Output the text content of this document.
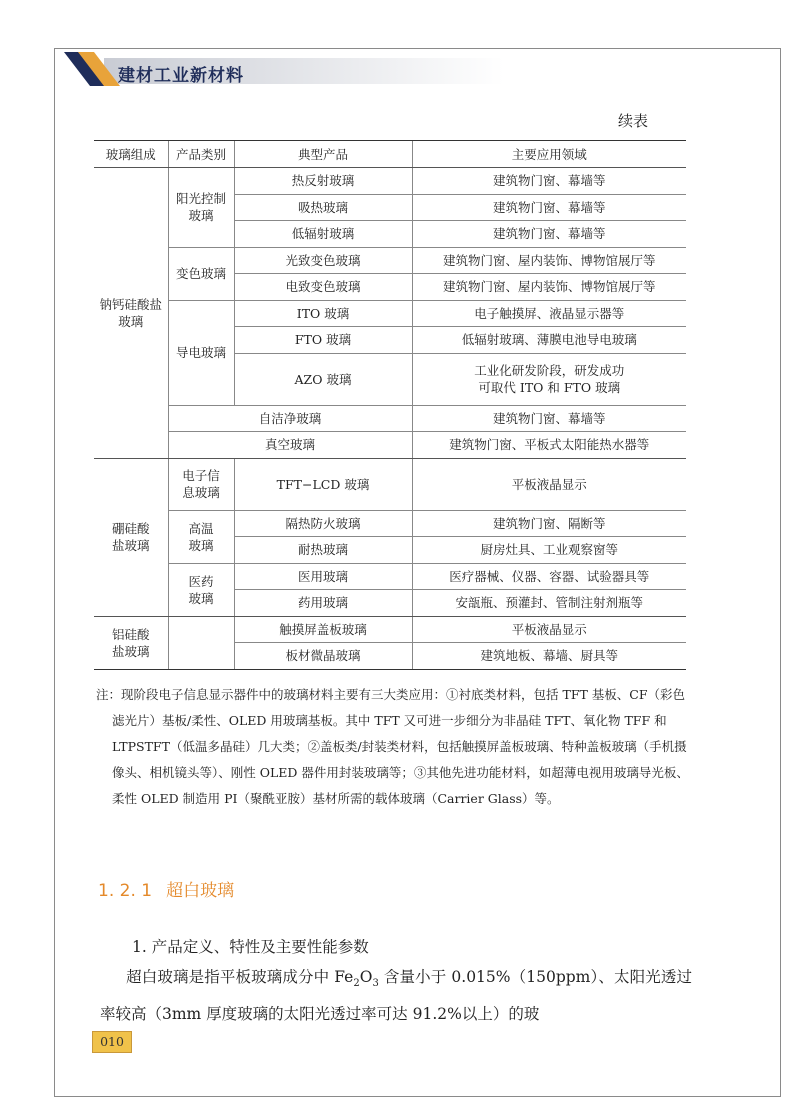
建材工业新材料
续表
玻璃组成	产品类别	典型产品	主要应用领域
钠钙硅酸盐玻璃	阳光控制玻璃	热反射玻璃	建筑物门窗、幕墙等
		吸热玻璃	建筑物门窗、幕墙等
		低辐射玻璃	建筑物门窗、幕墙等
	变色玻璃	光致变色玻璃	建筑物门窗、屋内装饰、博物馆展厅等
		电致变色玻璃	建筑物门窗、屋内装饰、博物馆展厅等
	导电玻璃	ITO 玻璃	电子触摸屏、液晶显示器等
		FTO 玻璃	低辐射玻璃、薄膜电池导电玻璃
		AZO 玻璃	工业化研发阶段，研发成功可取代 ITO 和 FTO 玻璃
	自洁净玻璃		建筑物门窗、幕墙等
	真空玻璃		建筑物门窗、平板式太阳能热水器等
硼硅酸盐玻璃	电子信息玻璃	TFT−LCD 玻璃	平板液晶显示
	高温玻璃	隔热防火玻璃	建筑物门窗、隔断等
		耐热玻璃	厨房灶具、工业观察窗等
	医药玻璃	医用玻璃	医疗器械、仪器、容器、试验器具等
		药用玻璃	安瓿瓶、预灌封、管制注射剂瓶等
铝硅酸盐玻璃		触摸屏盖板玻璃	平板液晶显示
		板材微晶玻璃	建筑地板、幕墙、厨具等
注：现阶段电子信息显示器件中的玻璃材料主要有三大类应用：①衬底类材料，包括 TFT 基板、CF（彩色滤光片）基板/柔性、OLED 用玻璃基板。其中 TFT 又可进一步细分为非晶硅 TFT、氧化物 TFF 和 LTPSTFT（低温多晶硅）几大类；②盖板类/封装类材料，包括触摸屏盖板玻璃、特种盖板玻璃（手机摄像头、相机镜头等）、刚性 OLED 器件用封装玻璃等；③其他先进功能材料，如超薄电视用玻璃导光板、柔性 OLED 制造用 PI（聚酰亚胺）基材所需的载体玻璃（Carrier Glass）等。
1. 2. 1 超白玻璃
1. 产品定义、特性及主要性能参数
超白玻璃是指平板玻璃成分中 $Fe_2O_3$ 含量小于 0.015%（150ppm）、太阳光透过率较高（3mm 厚度玻璃的太阳光透过率可达 91.2%以上）的玻
010
